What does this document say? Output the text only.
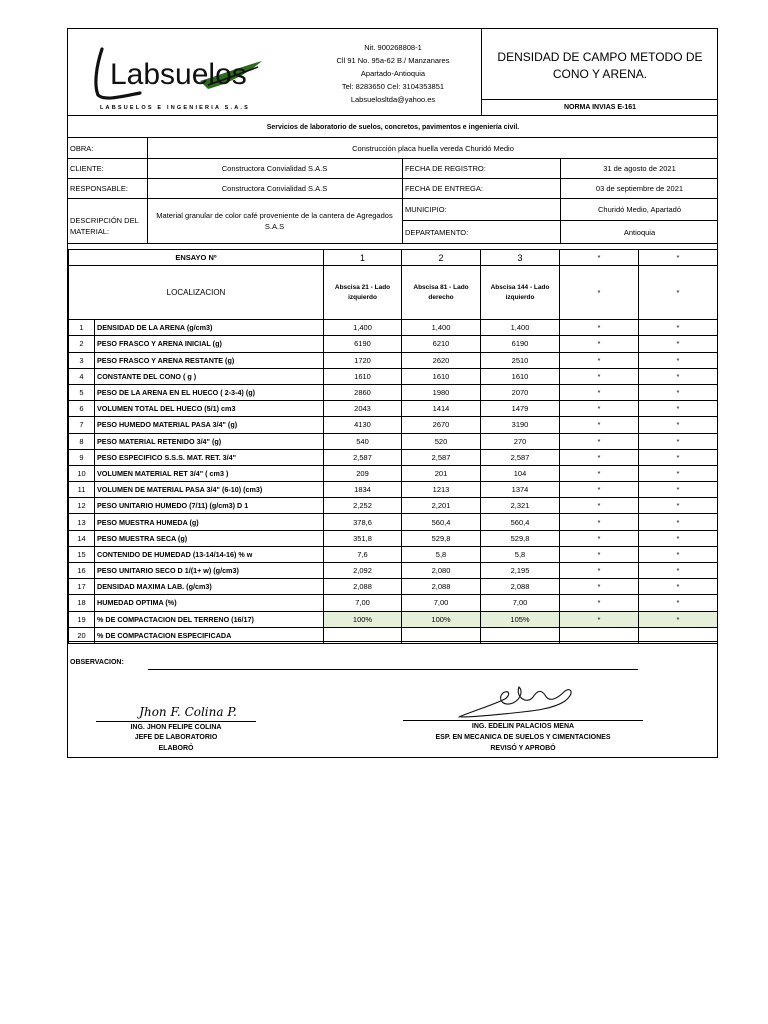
Labsuelos
LABSUELOS E INGENIERIA S.A.S
Nit. 900268808-1
Cll 91 No. 95a-62 B./ Manzanares
Apartado-Antioquia
Tel: 8283650 Cel: 3104353851
Labsuelosltda@yahoo.es
DENSIDAD DE CAMPO METODO DE CONO Y ARENA.
NORMA INVIAS E-161
Servicios de laboratorio de suelos, concretos, pavimentos e ingeniería civil.
OBRA:	Construcción placa huella vereda Churidó Medio
CLIENTE:	Constructora Convialidad S.A.S	FECHA DE REGISTRO:	31 de agosto de 2021
RESPONSABLE:	Constructora Convialidad S.A.S	FECHA DE ENTREGA:	03 de septiembre de 2021
DESCRIPCIÓN DEL MATERIAL:
Material granular de color café proveniente de la cantera de Agregados S.A.S
MUNICIPIO:	Churidó Medio, Apartadó
DEPARTAMENTO:	Antioquia
ENSAYO Nº		1	2	3	*	*
LOCALIZACION		Abscisa 21 - Lado izquierdo	Abscisa 81 - Lado derecho	Abscisa 144 - Lado izquierdo	*	*
1	DENSIDAD DE LA ARENA (g/cm3)	1,400	1,400	1,400	*	*
2	PESO FRASCO Y ARENA INICIAL (g)	6190	6210	6190	*	*
3	PESO FRASCO Y ARENA RESTANTE (g)	1720	2620	2510	*	*
4	CONSTANTE DEL CONO ( g )	1610	1610	1610	*	*
5	PESO DE LA ARENA EN EL HUECO ( 2-3-4) (g)	2860	1980	2070	*	*
6	VOLUMEN TOTAL DEL HUECO (5/1) cm3	2043	1414	1479	*	*
7	PESO HUMEDO MATERIAL PASA 3/4" (g)	4130	2670	3190	*	*
8	PESO MATERIAL RETENIDO 3/4" (g)	540	520	270	*	*
9	PESO ESPECIFICO S.S.S. MAT. RET. 3/4"	2,587	2,587	2,587	*	*
10	VOLUMEN MATERIAL RET 3/4" ( cm3 )	209	201	104	*	*
11	VOLUMEN DE MATERIAL PASA 3/4" (6-10) (cm3)	1834	1213	1374	*	*
12	PESO UNITARIO HUMEDO (7/11) (g/cm3) D 1	2,252	2,201	2,321	*	*
13	PESO MUESTRA HUMEDA (g)	378,6	560,4	560,4	*	*
14	PESO MUESTRA SECA (g)	351,8	529,8	529,8	*	*
15	CONTENIDO DE HUMEDAD (13-14/14-16) % w	7,6	5,8	5,8	*	*
16	PESO UNITARIO SECO D 1/(1+ w) (g/cm3)	2,092	2,080	2,195	*	*
17	DENSIDAD MAXIMA LAB. (g/cm3)	2,088	2,088	2,088	*	*
18	HUMEDAD OPTIMA (%)	7,00	7,00	7,00	*	*
19	% DE COMPACTACION DEL TERRENO (16/17)	100%	100%	105%	*	*
20	% DE COMPACTACION ESPECIFICADA					
OBSERVACION:
Jhon F. Colina P.
ING. JHON FELIPE COLINA
JEFE DE LABORATORIO
ELABORÓ
ING. EDELIN PALACIOS MENA
ESP. EN MECANICA DE SUELOS Y CIMENTACIONES
REVISÓ Y APROBÓ
